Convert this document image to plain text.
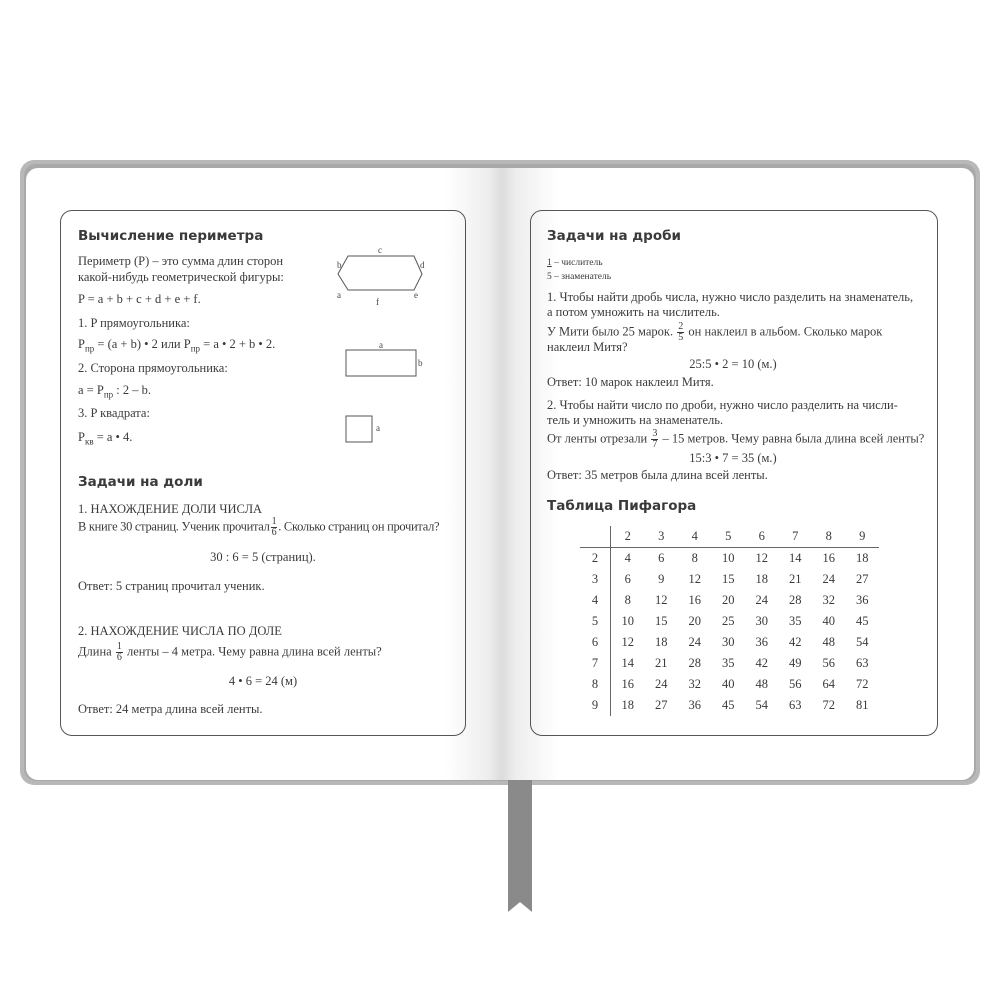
Вычисление периметра
Периметр (P) – это сумма длин сторон
какой-нибудь геометрической фигуры:
P = a + b + c + d + e + f.
1. P прямоугольника:
$P_{пр} = (a + b)$ • 2 или $P_{пр} = a$ • 2 + b • 2.
2. Сторона прямоугольника:
$a = P_{пр}$ : 2 – b.
3. P квадрата:
$P_{кв} = a$ • 4.
c
b	d
a	e
f
a
b
a
Задачи на доли
1. НАХОЖДЕНИЕ ДОЛИ ЧИСЛА
В книге 30 страниц. Ученик прочитал $\frac{1}{6}$ . Сколько страниц он прочитал?
30 : 6 = 5 (страниц).
Ответ: 5 страниц прочитал ученик.
2. НАХОЖДЕНИЕ ЧИСЛА ПО ДОЛЕ
Длина $\frac{1}{6}$ ленты – 4 метра. Чему равна длина всей ленты?
4 • 6 = 24 (м)
Ответ: 24 метра длина всей ленты.
Задачи на дроби
1 – числитель
5 – знаменатель
1. Чтобы найти дробь числа, нужно число разделить на знаменатель,
а потом умножить на числитель.
У Мити было 25 марок. $\frac{2}{5}$ он наклеил в альбом. Сколько марок
наклеил Митя?
25:5 • 2 = 10 (м.)
Ответ: 10 марок наклеил Митя.
2. Чтобы найти число по дроби, нужно число разделить на числи-
тель и умножить на знаменатель.
От ленты отрезали $\frac{3}{7} - 15$ метров. Чему равна была длина всей ленты?
15:3 • 7 = 35 (м.)
Ответ: 35 метров была длина всей ленты.
Таблица Пифагора
	2	3	4	5	6	7	8	9
2	4	6	8	10	12	14	16	18
3	6	9	12	15	18	21	24	27
4	8	12	16	20	24	28	32	36
5	10	15	20	25	30	35	40	45
6	12	18	24	30	36	42	48	54
7	14	21	28	35	42	49	56	63
8	16	24	32	40	48	56	64	72
9	18	27	36	45	54	63	72	81
